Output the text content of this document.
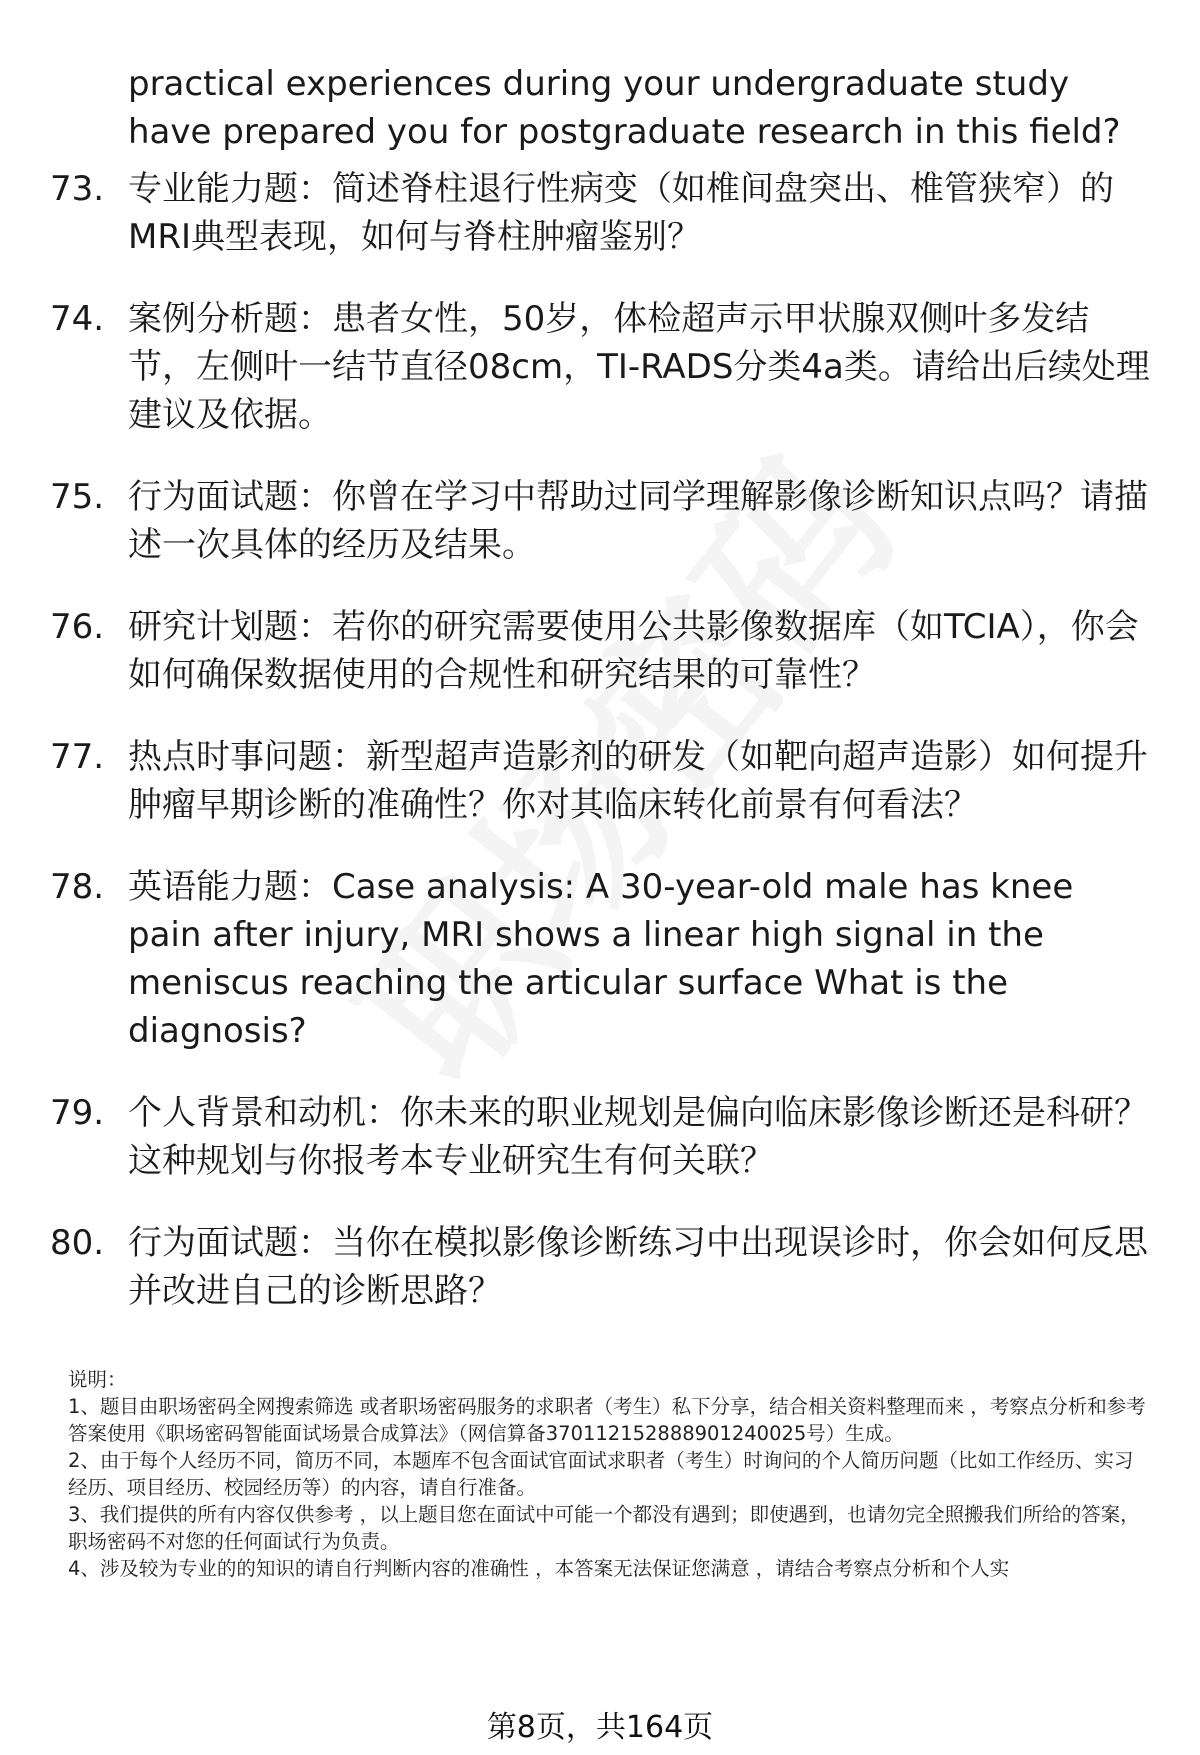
practical experiences during your undergraduate study have prepared you for postgraduate research in this field?
73. 专业能力题：简述脊柱退行性病变（如椎间盘突出、椎管狭窄）的MRI典型表现，如何与脊柱肿瘤鉴别？
74. 案例分析题：患者女性，50岁，体检超声示甲状腺双侧叶多发结节，左侧叶一结节直径08cm，TI-RADS分类4a类。请给出后续处理建议及依据。
75. 行为面试题：你曾在学习中帮助过同学理解影像诊断知识点吗？请描述一次具体的经历及结果。
76. 研究计划题：若你的研究需要使用公共影像数据库（如TCIA），你会如何确保数据使用的合规性和研究结果的可靠性？
77. 热点时事问题：新型超声造影剂的研发（如靶向超声造影）如何提升肿瘤早期诊断的准确性？你对其临床转化前景有何看法？
78. 英语能力题：Case analysis: A 30-year-old male has knee pain after injury, MRI shows a linear high signal in the meniscus reaching the articular surface What is the diagnosis?
79. 个人背景和动机：你未来的职业规划是偏向临床影像诊断还是科研？这种规划与你报考本专业研究生有何关联？
80. 行为面试题：当你在模拟影像诊断练习中出现误诊时，你会如何反思并改进自己的诊断思路？

说明：

1、题目由职场密码全网搜索筛选 或者职场密码服务的求职者（考生）私下分享，结合相关资料整理而来 ，考察点分析和参考答案使用《职场密码智能面试场景合成算法》（网信算备370112152888901240025号）生成。

2、由于每个人经历不同，简历不同，本题库不包含面试官面试求职者（考生）时询问的个人简历问题（比如工作经历、实习经历、项目经历、校园经历等）的内容，请自行准备。

3、我们提供的所有内容仅供参考 ，以上题目您在面试中可能一个都没有遇到；即使遇到，也请勿完全照搬我们所给的答案，职场密码不对您的任何面试行为负责。

4、涉及较为专业的的知识的请自行判断内容的准确性 ，本答案无法保证您满意 ，请结合考察点分析和个人实

第8页，共164页
